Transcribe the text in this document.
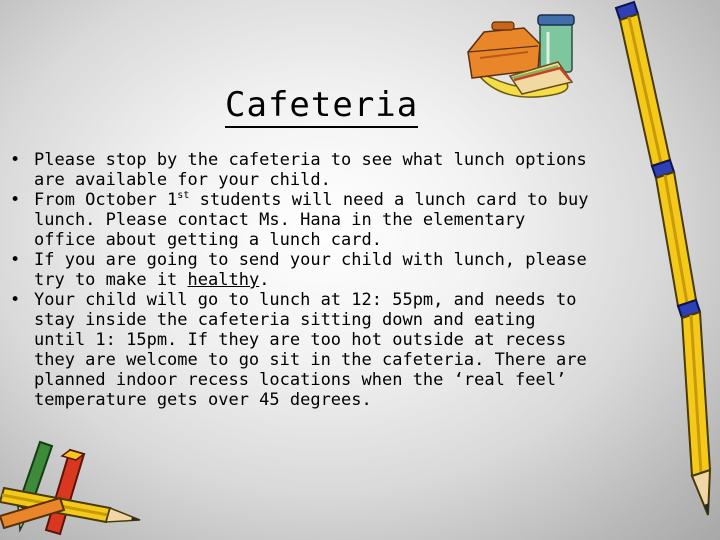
Cafeteria
• Please stop by the cafeteria to see what lunch options are available for your child.
• From October 1st students will need a lunch card to buy lunch. Please contact Ms. Hana in the elementary office about getting a lunch card.
• If you are going to send your child with lunch, please try to make it healthy.
• Your child will go to lunch at 12: 55pm, and needs to stay inside the cafeteria sitting down and eating until 1: 15pm. If they are too hot outside at recess they are welcome to go sit in the cafeteria. There are planned indoor recess locations when the ‘real feel’ temperature gets over 45 degrees.
